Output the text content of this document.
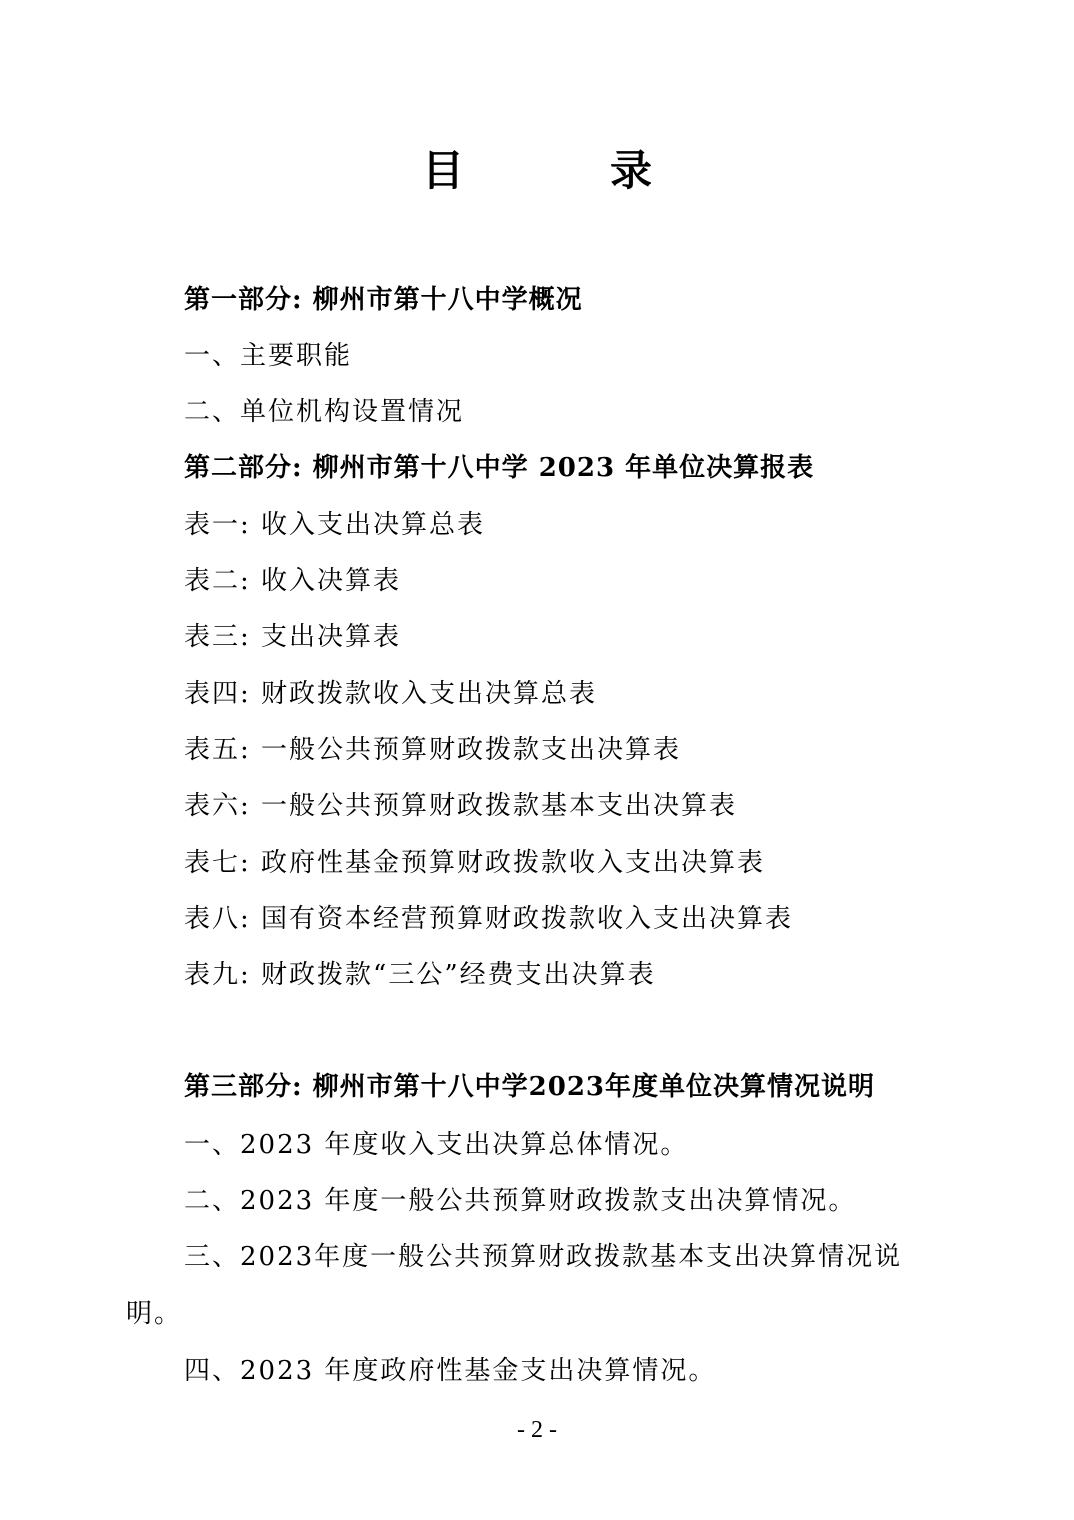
目　录
第一部分: 柳州市第十八中学概况
一、主要职能
二、单位机构设置情况
第二部分: 柳州市第十八中学 2023 年单位决算报表
表一: 收入支出决算总表
表二: 收入决算表
表三: 支出决算表
表四: 财政拨款收入支出决算总表
表五: 一般公共预算财政拨款支出决算表
表六: 一般公共预算财政拨款基本支出决算表
表七: 政府性基金预算财政拨款收入支出决算表
表八: 国有资本经营预算财政拨款收入支出决算表
表九: 财政拨款“三公”经费支出决算表
第三部分: 柳州市第十八中学2023年度单位决算情况说明
一、2023 年度收入支出决算总体情况。
二、2023 年度一般公共预算财政拨款支出决算情况。
三、2023年度一般公共预算财政拨款基本支出决算情况说
明。
四、2023 年度政府性基金支出决算情况。
- 2 -
